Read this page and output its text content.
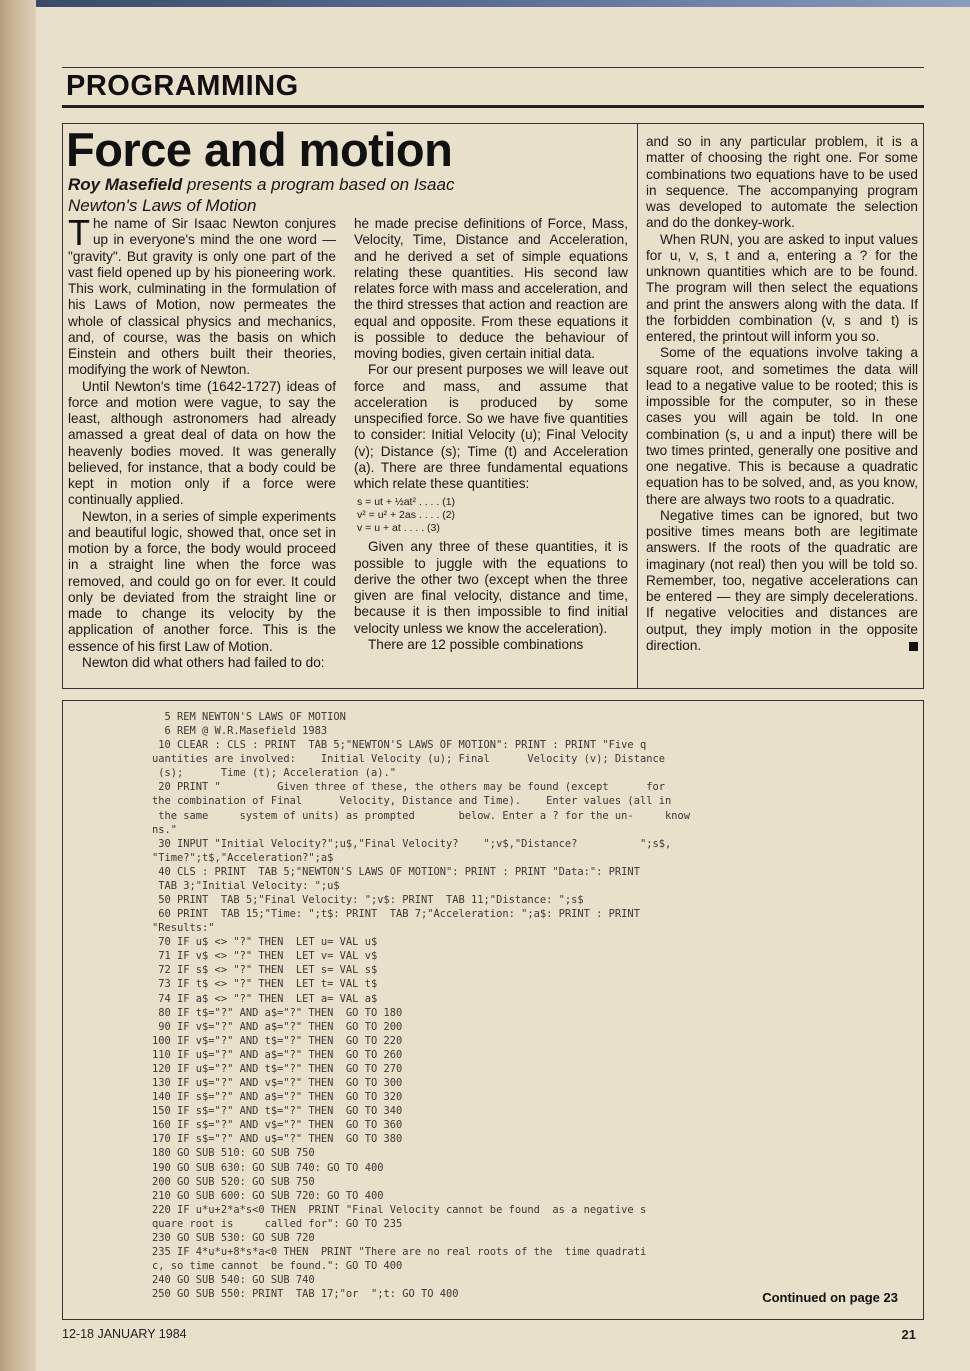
PROGRAMMING
Force and motion
Roy Masefield presents a program based on Isaac Newton's Laws of Motion

The name of Sir Isaac Newton conjures up in everyone's mind the one word — "gravity". But gravity is only one part of the vast field opened up by his pioneering work. This work, culminating in the formulation of his Laws of Motion, now permeates the whole of classical physics and mechanics, and, of course, was the basis on which Einstein and others built their theories, modifying the work of Newton.

Until Newton's time (1642-1727) ideas of force and motion were vague, to say the least, although astronomers had already amassed a great deal of data on how the heavenly bodies moved. It was generally believed, for instance, that a body could be kept in motion only if a force were continually applied.

Newton, in a series of simple experiments and beautiful logic, showed that, once set in motion by a force, the body would proceed in a straight line when the force was removed, and could go on for ever. It could only be deviated from the straight line or made to change its velocity by the application of another force. This is the essence of his first Law of Motion.

Newton did what others had failed to do:

he made precise definitions of Force, Mass, Velocity, Time, Distance and Acceleration, and he derived a set of simple equations relating these quantities. His second law relates force with mass and acceleration, and the third stresses that action and reaction are equal and opposite. From these equations it is possible to deduce the behaviour of moving bodies, given certain initial data.

For our present purposes we will leave out force and mass, and assume that acceleration is produced by some unspecified force. So we have five quantities to consider: Initial Velocity (u); Final Velocity (v); Distance (s); Time (t) and Acceleration (a). There are three fundamental equations which relate these quantities:

s = ut + ½at² . . . . (1)
v² = u² + 2as . . . . (2)
v = u + at . . . . (3)

Given any three of these quantities, it is possible to juggle with the equations to derive the other two (except when the three given are final velocity, distance and time, because it is then impossible to find initial velocity unless we know the acceleration).

There are 12 possible combinations

and so in any particular problem, it is a matter of choosing the right one. For some combinations two equations have to be used in sequence. The accompanying program was developed to automate the selection and do the donkey-work.

When RUN, you are asked to input values for u, v, s, t and a, entering a ? for the unknown quantities which are to be found. The program will then select the equations and print the answers along with the data. If the forbidden combination (v, s and t) is entered, the printout will inform you so.

Some of the equations involve taking a square root, and sometimes the data will lead to a negative value to be rooted; this is impossible for the computer, so in these cases you will again be told. In one combination (s, u and a input) there will be two times printed, generally one positive and one negative. This is because a quadratic equation has to be solved, and, as you know, there are always two roots to a quadratic.

Negative times can be ignored, but two positive times means both are legitimate answers. If the roots of the quadratic are imaginary (not real) then you will be told so. Remember, too, negative accelerations can be entered — they are simply decelerations. If negative velocities and distances are output, they imply motion in the opposite direction.

5 REM NEWTON'S LAWS OF MOTION
6 REM @ W.R.Masefield 1983
10 CLEAR : CLS : PRINT  TAB 5;"NEWTON'S LAWS OF MOTION": PRINT : PRINT "Five q
uantities are involved:    Initial Velocity (u); Final      Velocity (v); Distance
(s);      Time (t); Acceleration (a)."
20 PRINT "         Given three of these, the others may be found (except      for
the combination of Final      Velocity, Distance and Time).    Enter values (all in
the same     system of units) as prompted       below. Enter a ? for the un-     know
ns."
30 INPUT "Initial Velocity?";u$,"Final Velocity?    ";v$,"Distance?          ";s$,
"Time?";t$,"Acceleration?";a$
40 CLS : PRINT  TAB 5;"NEWTON'S LAWS OF MOTION": PRINT : PRINT "Data:": PRINT
TAB 3;"Initial Velocity: ";u$
50 PRINT  TAB 5;"Final Velocity: ";v$: PRINT  TAB 11;"Distance: ";s$
60 PRINT  TAB 15;"Time: ";t$: PRINT  TAB 7;"Acceleration: ";a$: PRINT : PRINT
"Results:"
70 IF u$ <> "?" THEN  LET u= VAL u$
71 IF v$ <> "?" THEN  LET v= VAL v$
72 IF s$ <> "?" THEN  LET s= VAL s$
73 IF t$ <> "?" THEN  LET t= VAL t$
74 IF a$ <> "?" THEN  LET a= VAL a$
80 IF t$="?" AND a$="?" THEN  GO TO 180
90 IF v$="?" AND a$="?" THEN  GO TO 200
100 IF v$="?" AND t$="?" THEN  GO TO 220
110 IF u$="?" AND a$="?" THEN  GO TO 260
120 IF u$="?" AND t$="?" THEN  GO TO 270
130 IF u$="?" AND v$="?" THEN  GO TO 300
140 IF s$="?" AND a$="?" THEN  GO TO 320
150 IF s$="?" AND t$="?" THEN  GO TO 340
160 IF s$="?" AND v$="?" THEN  GO TO 360
170 IF s$="?" AND u$="?" THEN  GO TO 380
180 GO SUB 510: GO SUB 750
190 GO SUB 630: GO SUB 740: GO TO 400
200 GO SUB 520: GO SUB 750
210 GO SUB 600: GO SUB 720: GO TO 400
220 IF u*u+2*a*s<0 THEN  PRINT "Final Velocity cannot be found  as a negative s
quare root is     called for": GO TO 235
230 GO SUB 530: GO SUB 720
235 IF 4*u*u+8*s*a<0 THEN  PRINT "There are no real roots of the  time quadrati
c, so time cannot  be found.": GO TO 400
240 GO SUB 540: GO SUB 740
250 GO SUB 550: PRINT  TAB 17;"or  ";t: GO TO 400	Continued on page 23
12-18 JANUARY 1984	21
